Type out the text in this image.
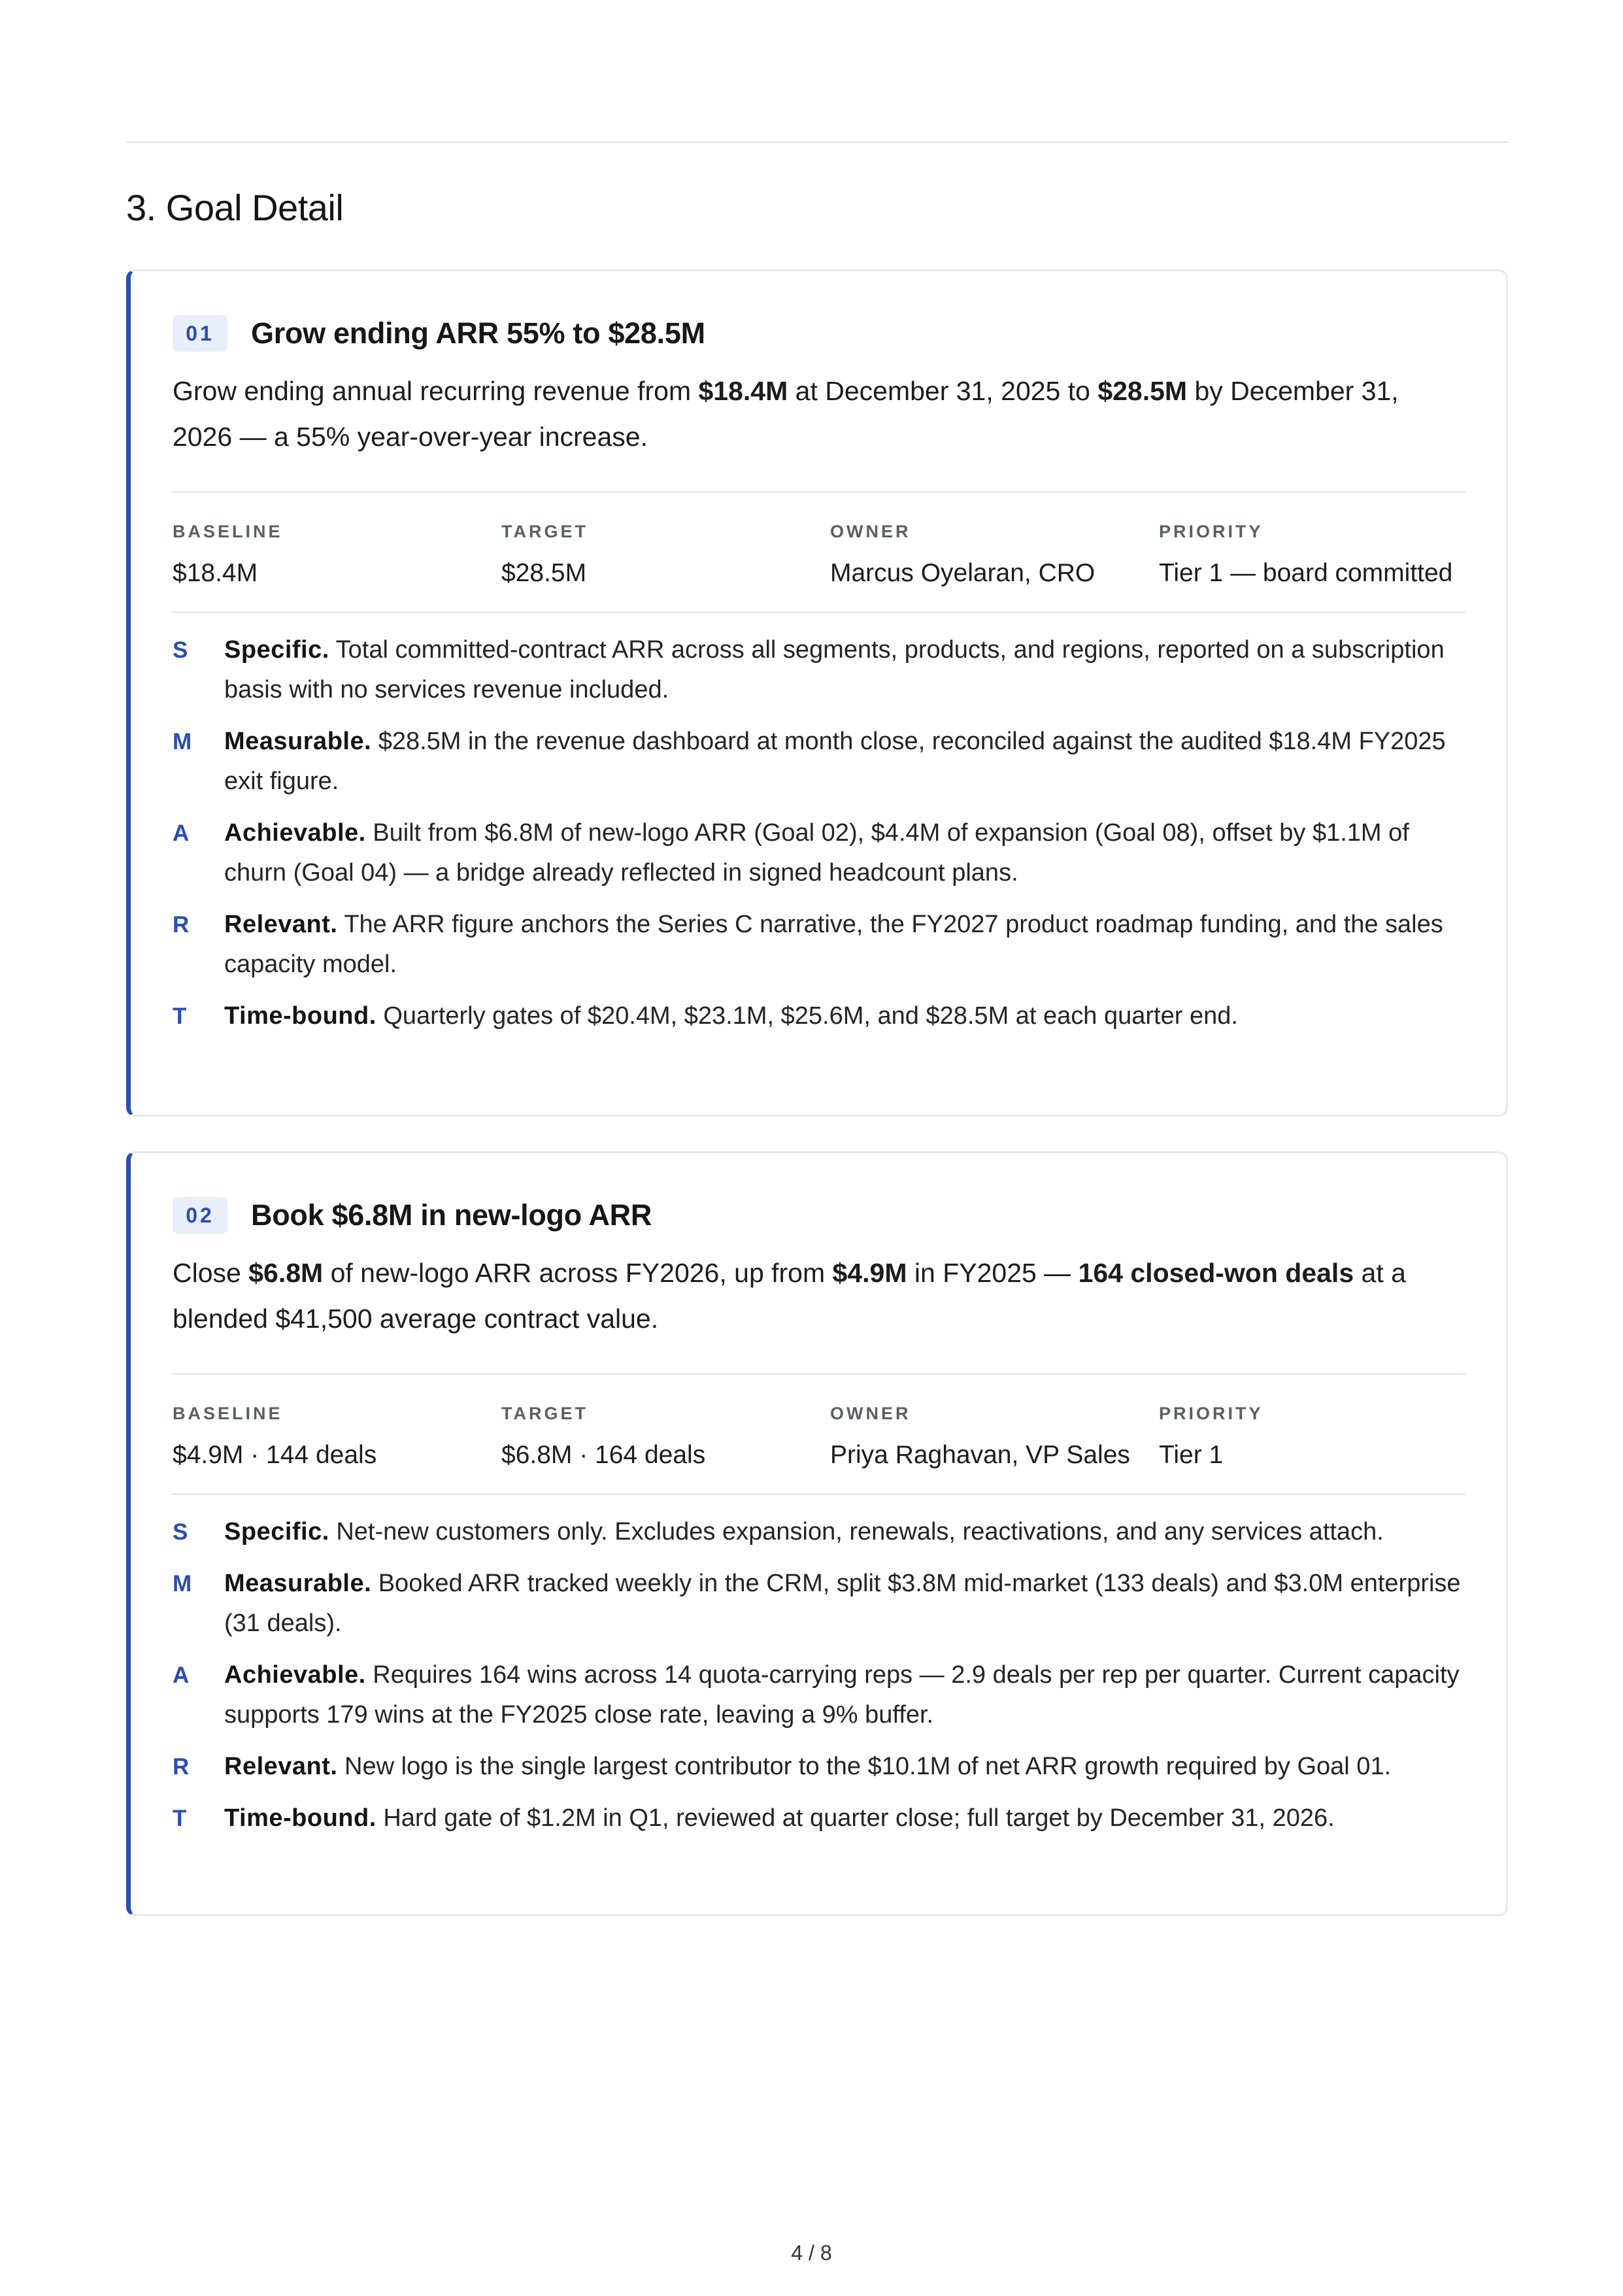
3. Goal Detail
01	Grow ending ARR 55% to $28.5M

Grow ending annual recurring revenue from $18.4M at December 31, 2025 to $28.5M by December 31, 2026 — a 55% year-over-year increase.

BASELINE
$18.4M
TARGET
$28.5M
OWNER
Marcus Oyelaran, CRO
PRIORITY
Tier 1 — board committed
S	Specific. Total committed-contract ARR across all segments, products, and regions, reported on a subscription basis with no services revenue included.
M	Measurable. $28.5M in the revenue dashboard at month close, reconciled against the audited $18.4M FY2025 exit figure.
A	Achievable. Built from $6.8M of new-logo ARR (Goal 02), $4.4M of expansion (Goal 08), offset by $1.1M of churn (Goal 04) — a bridge already reflected in signed headcount plans.
R	Relevant. The ARR figure anchors the Series C narrative, the FY2027 product roadmap funding, and the sales capacity model.
T	Time-bound. Quarterly gates of $20.4M, $23.1M, $25.6M, and $28.5M at each quarter end.
02	Book $6.8M in new-logo ARR

Close $6.8M of new-logo ARR across FY2026, up from $4.9M in FY2025 — 164 closed-won deals at a blended $41,500 average contract value.

BASELINE
$4.9M · 144 deals
TARGET
$6.8M · 164 deals
OWNER
Priya Raghavan, VP Sales
PRIORITY
Tier 1
S	Specific. Net-new customers only. Excludes expansion, renewals, reactivations, and any services attach.
M	Measurable. Booked ARR tracked weekly in the CRM, split $3.8M mid-market (133 deals) and $3.0M enterprise (31 deals).
A	Achievable. Requires 164 wins across 14 quota-carrying reps — 2.9 deals per rep per quarter. Current capacity supports 179 wins at the FY2025 close rate, leaving a 9% buffer.
R	Relevant. New logo is the single largest contributor to the $10.1M of net ARR growth required by Goal 01.
T	Time-bound. Hard gate of $1.2M in Q1, reviewed at quarter close; full target by December 31, 2026.
4 / 8
